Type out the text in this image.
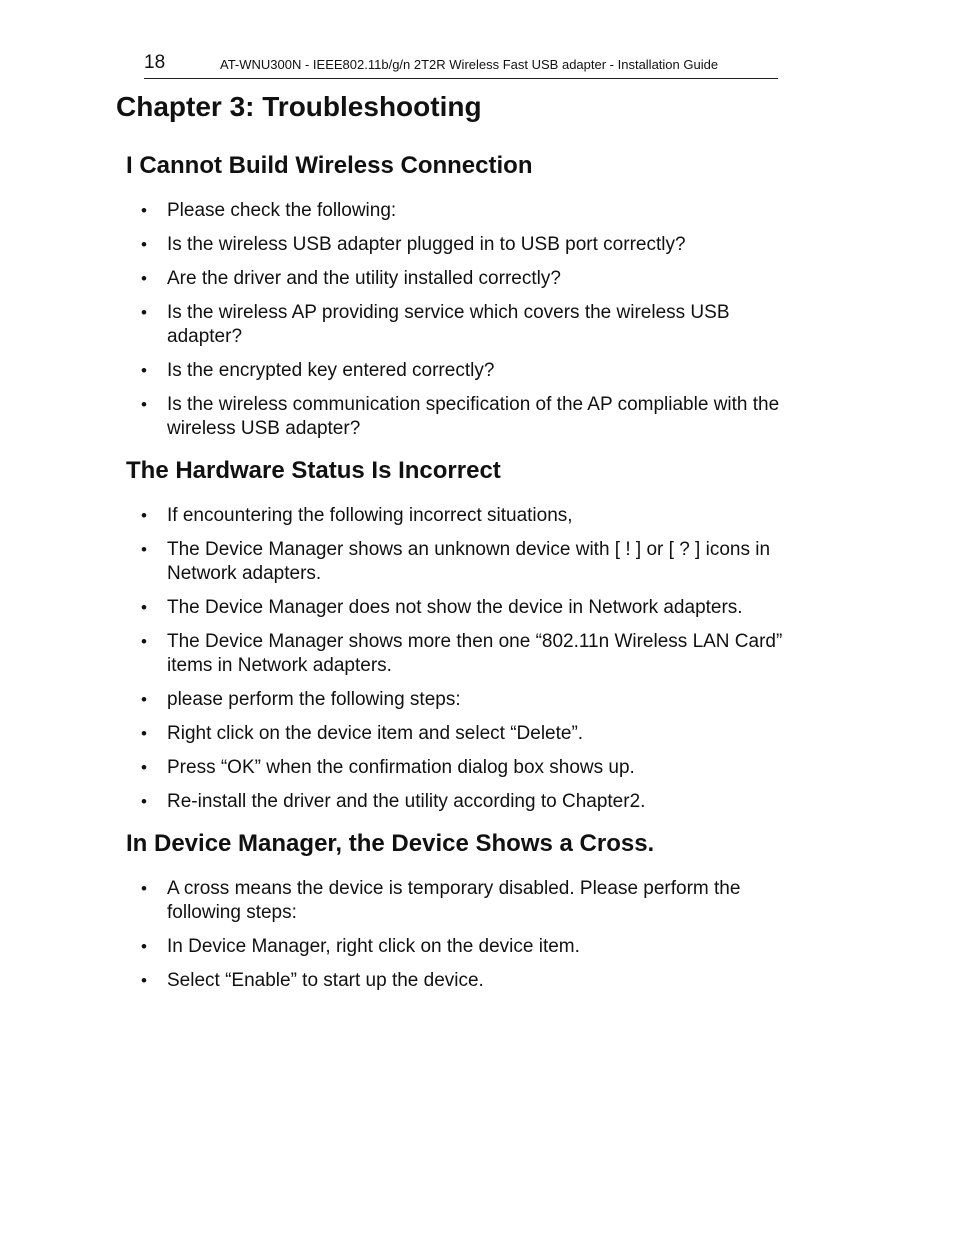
18	AT-WNU300N - IEEE802.11b/g/n 2T2R Wireless Fast USB adapter - Installation Guide
Chapter 3: Troubleshooting
I Cannot Build Wireless Connection
• Please check the following:
• Is the wireless USB adapter plugged in to USB port correctly?
• Are the driver and the utility installed correctly?
• Is the wireless AP providing service which covers the wireless USB adapter?
• Is the encrypted key entered correctly?
• Is the wireless communication specification of the AP compliable with the wireless USB adapter?
The Hardware Status Is Incorrect
• If encountering the following incorrect situations,
• The Device Manager shows an unknown device with [ ! ] or [ ? ] icons in Network adapters.
• The Device Manager does not show the device in Network adapters.
• The Device Manager shows more then one “802.11n Wireless LAN Card” items in Network adapters.
• please perform the following steps:
• Right click on the device item and select “Delete”.
• Press “OK” when the confirmation dialog box shows up.
• Re-install the driver and the utility according to Chapter2.
In Device Manager, the Device Shows a Cross.
• A cross means the device is temporary disabled. Please perform the following steps:
• In Device Manager, right click on the device item.
• Select “Enable” to start up the device.
